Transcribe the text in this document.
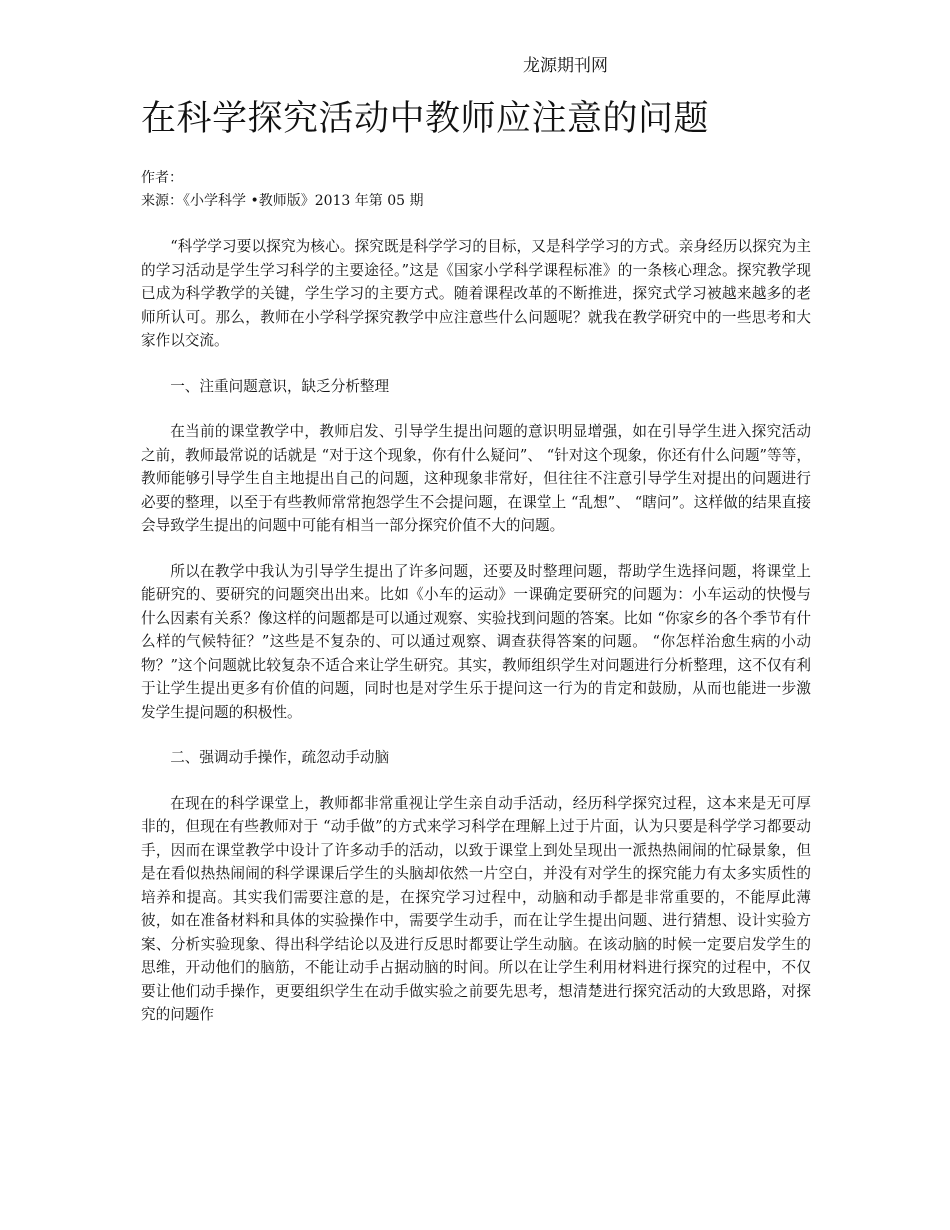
龙源期刊网
在科学探究活动中教师应注意的问题
作者：
来源：《小学科学 •教师版》2013 年第 05 期

“科学学习要以探究为核心。探究既是科学学习的目标，又是科学学习的方式。亲身经历以探究为主的学习活动是学生学习科学的主要途径。”这是《国家小学科学课程标准》的一条核心理念。探究教学现已成为科学教学的关键，学生学习的主要方式。随着课程改革的不断推进，探究式学习被越来越多的老师所认可。那么，教师在小学科学探究教学中应注意些什么问题呢？就我在教学研究中的一些思考和大家作以交流。

一、注重问题意识，缺乏分析整理

在当前的课堂教学中，教师启发、引导学生提出问题的意识明显增强，如在引导学生进入探究活动之前，教师最常说的话就是 “对于这个现象，你有什么疑问”、 “针对这个现象，你还有什么问题”等等，教师能够引导学生自主地提出自己的问题，这种现象非常好，但往往不注意引导学生对提出的问题进行必要的整理，以至于有些教师常常抱怨学生不会提问题，在课堂上 “乱想”、 “瞎问”。这样做的结果直接会导致学生提出的问题中可能有相当一部分探究价值不大的问题。

所以在教学中我认为引导学生提出了许多问题，还要及时整理问题，帮助学生选择问题，将课堂上能研究的、要研究的问题突出出来。比如《小车的运动》一课确定要研究的问题为：小车运动的快慢与什么因素有关系？像这样的问题都是可以通过观察、实验找到问题的答案。比如 “你家乡的各个季节有什么样的气候特征？”这些是不复杂的、可以通过观察、调查获得答案的问题。 “你怎样治愈生病的小动物？”这个问题就比较复杂不适合来让学生研究。其实，教师组织学生对问题进行分析整理，这不仅有利于让学生提出更多有价值的问题，同时也是对学生乐于提问这一行为的肯定和鼓励，从而也能进一步激发学生提问题的积极性。

二、强调动手操作，疏忽动手动脑

在现在的科学课堂上，教师都非常重视让学生亲自动手活动，经历科学探究过程，这本来是无可厚非的，但现在有些教师对于 “动手做”的方式来学习科学在理解上过于片面，认为只要是科学学习都要动手，因而在课堂教学中设计了许多动手的活动，以致于课堂上到处呈现出一派热热闹闹的忙碌景象，但是在看似热热闹闹的科学课课后学生的头脑却依然一片空白，并没有对学生的探究能力有太多实质性的培养和提高。其实我们需要注意的是，在探究学习过程中，动脑和动手都是非常重要的，不能厚此薄彼，如在准备材料和具体的实验操作中，需要学生动手，而在让学生提出问题、进行猜想、设计实验方案、分析实验现象、得出科学结论以及进行反思时都要让学生动脑。在该动脑的时候一定要启发学生的思维，开动他们的脑筋，不能让动手占据动脑的时间。所以在让学生利用材料进行探究的过程中，不仅要让他们动手操作，更要组织学生在动手做实验之前要先思考，想清楚进行探究活动的大致思路，对探究的问题作
